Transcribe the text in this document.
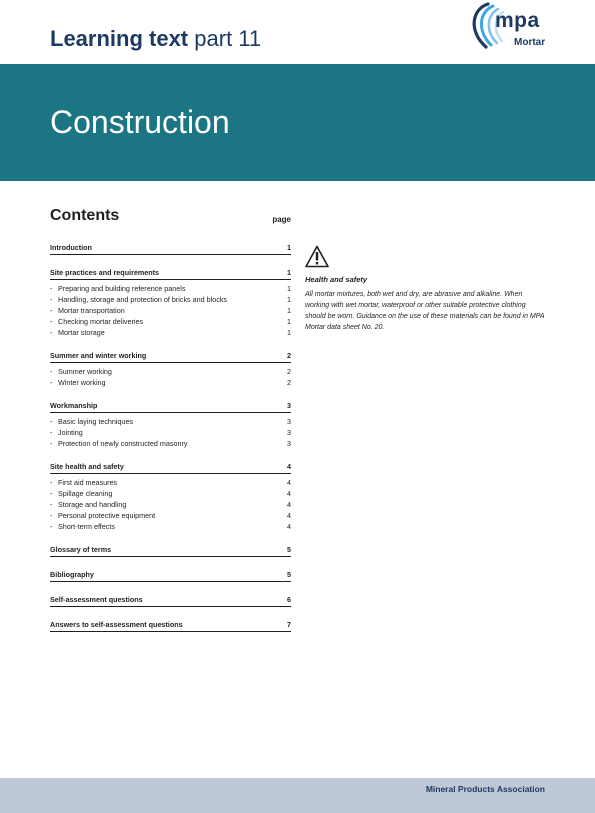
Learning text part 11
mpa
Mortar
Construction
Contents	page
Introduction	1
Site practices and requirements	1
- Preparing and building reference panels	1
- Handling, storage and protection of bricks and blocks	1
- Mortar transportation	1
- Checking mortar deliveries	1
- Mortar storage	1
Summer and winter working	2
- Summer working	2
- Winter working	2
Workmanship	3
- Basic laying techniques	3
- Jointing	3
- Protection of newly constructed masonry	3
Site health and safety	4
- First aid measures	4
- Spillage cleaning	4
- Storage and handling	4
- Personal protective equipment	4
- Short-term effects	4
Glossary of terms	5
Bibliography	5
Self-assessment questions	6
Answers to self-assessment questions	7
Health and safety
All mortar mixtures, both wet and dry, are abrasive and alkaline. When working with wet mortar, waterproof or other suitable protective clothing should be worn. Guidance on the use of these materials can be found in MPA Mortar data sheet No. 20.
Mineral Products Association
